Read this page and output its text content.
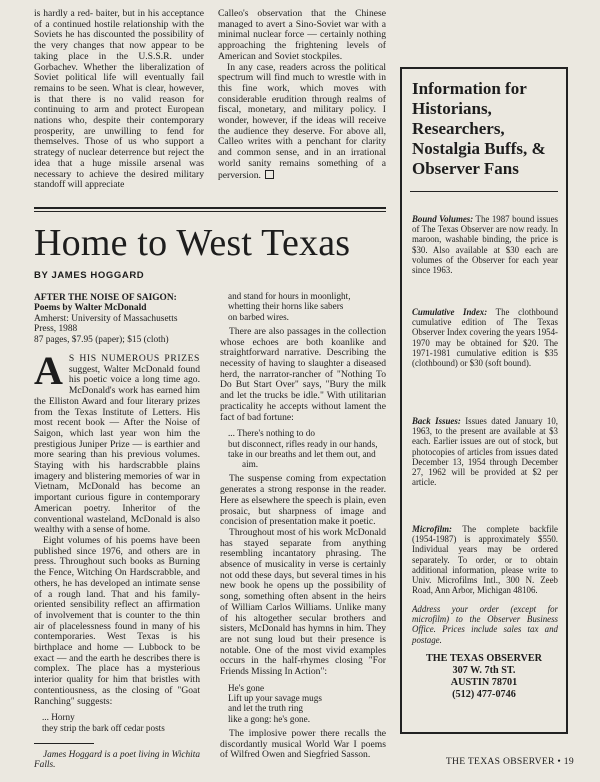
is hardly a red- baiter, but in his acceptance of a continued hostile relationship with the Soviets he has discounted the possibility of the very changes that now appear to be taking place in the U.S.S.R. under Gorbachev. Whether the liberalization of Soviet political life will eventually fail remains to be seen. What is clear, however, is that there is no valid reason for continuing to arm and protect European nations who, despite their contemporary prosperity, are unwilling to fend for themselves. Those of us who support a strategy of nuclear deterrence but reject the idea that a huge missile arsenal was necessary to achieve the desired military standoff will appreciate

Calleo's observation that the Chinese managed to avert a Sino-Soviet war with a minimal nuclear force — certainly nothing approaching the frightening levels of American and Soviet stockpiles.

In any case, readers across the political spectrum will find much to wrestle with in this fine work, which moves with considerable erudition through realms of fiscal, monetary, and military policy. I wonder, however, if the ideas will receive the audience they deserve. For above all, Calleo writes with a penchant for clarity and common sense, and in an irrational world sanity remains something of a perversion.

Home to West Texas
BY JAMES HOGGARD
AFTER THE NOISE OF SAIGON:
Poems by Walter McDonald
Amherst: University of Massachusetts
Press, 1988
87 pages, $7.95 (paper); $15 (cloth)

A S HIS NUMEROUS PRIZES suggest, Walter McDonald found his poetic voice a long time ago. McDonald's work has earned him the Elliston Award and four literary prizes from the Texas Institute of Letters. His most recent book — After the Noise of Saigon, which last year won him the prestigious Juniper Prize — is earthier and more searing than his previous volumes. Staying with his hardscrabble plains imagery and blistering memories of war in Vietnam, McDonald has become an important curious figure in contemporary American poetry. Inheritor of the conventional wasteland, McDonald is also wealthy with a sense of home.

Eight volumes of his poems have been published since 1976, and others are in press. Throughout such books as Burning the Fence, Witching On Hardscrabble, and others, he has developed an intimate sense of a rough land. That and his family-oriented sensibility reflect an affirmation of involvement that is counter to the thin air of placelessness found in many of his contemporaries. West Texas is his birthplace and home — Lubbock to be exact — and the earth he describes there is complex. The place has a mysterious interior quality for him that bristles with contentiousness, as the closing of "Goat Ranching" suggests:

... Horny
they strip the bark off cedar posts

James Hoggard is a poet living in Wichita Falls.

and stand for hours in moonlight,
whetting their horns like sabers
on barbed wires.

There are also passages in the collection whose echoes are both koanlike and straightforward narrative. Describing the necessity of having to slaughter a diseased herd, the narrator-rancher of "Nothing To Do But Start Over" says, "Bury the milk and let the trucks be idle." With utilitarian practicality he accepts without lament the fact of bad fortune:

... There's nothing to do
but disconnect, rifles ready in our hands,
take in our breaths and let them out, and
aim.

The suspense coming from expectation generates a strong response in the reader. Here as elsewhere the speech is plain, even prosaic, but sharpness of image and concision of presentation make it poetic.

Throughout most of his work McDonald has stayed separate from anything resembling incantatory phrasing. The absence of musicality in verse is certainly not odd these days, but several times in his new book he opens up the possibility of song, something often absent in the heirs of William Carlos Williams. Unlike many of his altogether secular brothers and sisters, McDonald has hymns in him. They are not sung loud but their presence is notable. One of the most vivid examples occurs in the half-rhymes closing "For Friends Missing In Action":

He's gone
Lift up your savage mugs
and let the truth ring
like a gong: he's gone.

The implosive power there recalls the discordantly musical World War I poems of Wilfred Owen and Siegfried Sasson.

Information for Historians, Researchers, Nostalgia Buffs, & Observer Fans
Bound Volumes: The 1987 bound issues of The Texas Observer are now ready. In maroon, washable binding, the price is $30. Also available at $30 each are volumes of the Observer for each year since 1963.
Cumulative Index: The clothbound cumulative edition of The Texas Observer Index covering the years 1954-1970 may be obtained for $20. The 1971-1981 cumulative edition is $35 (clothbound) or $30 (soft bound).
Back Issues: Issues dated January 10, 1963, to the present are available at $3 each. Earlier issues are out of stock, but photocopies of articles from issues dated December 13, 1954 through December 27, 1962 will be provided at $2 per article.
Microfilm: The complete backfile (1954-1987) is approximately $550. Individual years may be ordered separately. To order, or to obtain additional information, please write to Univ. Microfilms Intl., 300 N. Zeeb Road, Ann Arbor, Michigan 48106.
Address your order (except for microfilm) to the Observer Business Office. Prices include sales tax and postage.
THE TEXAS OBSERVER
307 W. 7th ST.
AUSTIN 78701
(512) 477-0746
THE TEXAS OBSERVER • 19
